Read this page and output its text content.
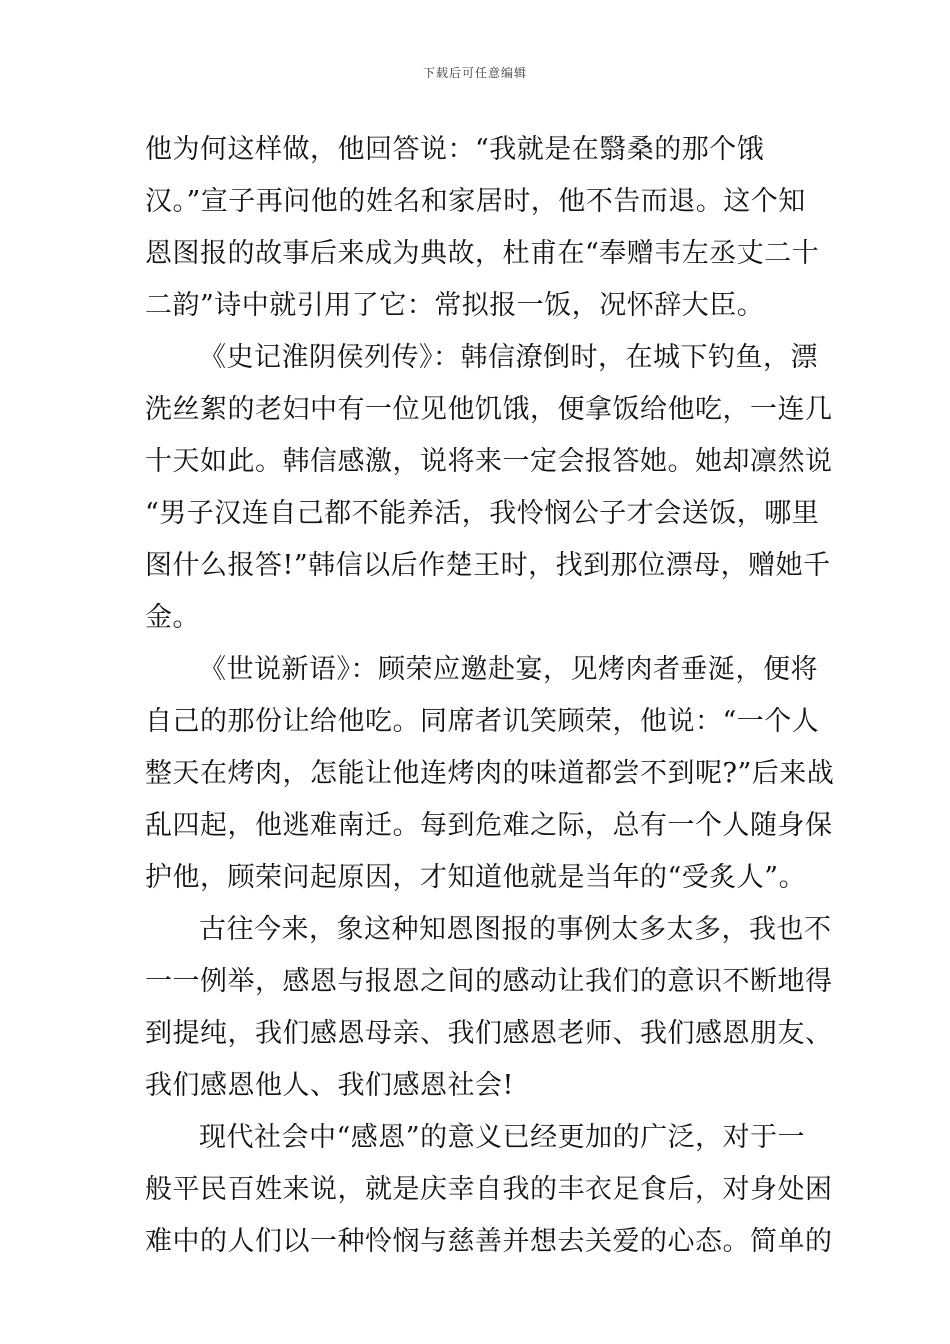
下载后可任意编辑
他为何这样做，他回答说：“我就是在翳桑的那个饿
汉。”宣子再问他的姓名和家居时，他不告而退。这个知
恩图报的故事后来成为典故，杜甫在“奉赠韦左丞丈二十
二韵”诗中就引用了它：常拟报一饭，况怀辞大臣。
《史记淮阴侯列传》：韩信潦倒时，在城下钓鱼，漂
洗丝絮的老妇中有一位见他饥饿，便拿饭给他吃，一连几
十天如此。韩信感激，说将来一定会报答她。她却凛然说
“男子汉连自己都不能养活，我怜悯公子才会送饭，哪里
图什么报答!”韩信以后作楚王时，找到那位漂母，赠她千
金。
《世说新语》：顾荣应邀赴宴，见烤肉者垂涎，便将
自己的那份让给他吃。同席者讥笑顾荣，他说：“一个人
整天在烤肉，怎能让他连烤肉的味道都尝不到呢?”后来战
乱四起，他逃难南迁。每到危难之际，总有一个人随身保
护他，顾荣问起原因，才知道他就是当年的“受炙人”。
古往今来，象这种知恩图报的事例太多太多，我也不
一一例举，感恩与报恩之间的感动让我们的意识不断地得
到提纯，我们感恩母亲、我们感恩老师、我们感恩朋友、
我们感恩他人、我们感恩社会!
现代社会中“感恩”的意义已经更加的广泛，对于一
般平民百姓来说，就是庆幸自我的丰衣足食后，对身处困
难中的人们以一种怜悯与慈善并想去关爱的心态。简单的
